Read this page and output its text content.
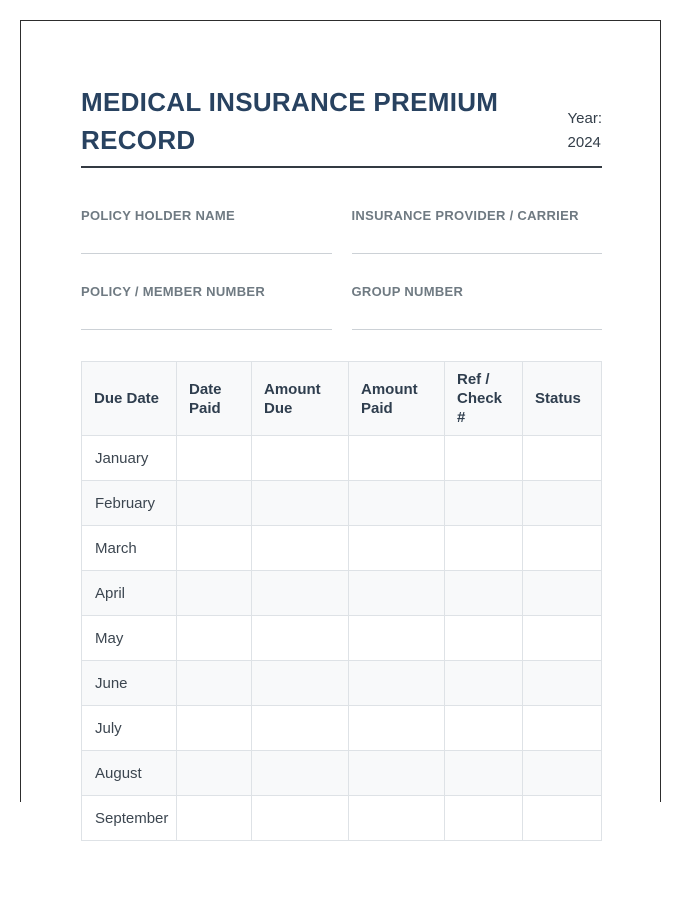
MEDICAL INSURANCE PREMIUM RECORD
Year:
2024
POLICY HOLDER NAME	INSURANCE PROVIDER / CARRIER
POLICY / MEMBER NUMBER	GROUP NUMBER
Due Date	Date Paid	Amount Due	Amount Paid	Ref / Check #	Status
January					
February					
March					
April					
May					
June					
July					
August					
September					
